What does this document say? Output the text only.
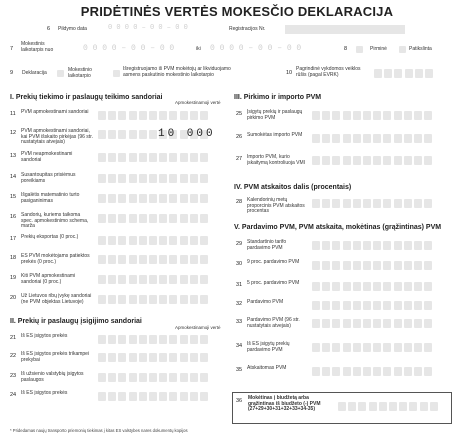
PRIDĖTINĖS VERTĖS MOKESČIO DEKLARACIJA
6 Pildymo data	0 0 0 0 – 0 0 – 0 0	Registracijos Nr.
7
Mokestinis laikotarpis nuo	0 0 0 0 – 0 0 – 0 0	iki 0 0 0 0 – 0 0 – 0 0	8	Pirminė	Patikslinta
9 Deklaracija	Mokestinio laikotarpio
Išregistruojamo iš PVM mokėtojų ar likviduojamo asmens paskutinio mokestinio laikotarpio	10
Pagrindinė vykdomos veiklos rūšis (pagal EVRK)
I. Prekių tiekimo ir paslaugų teikimo sandoriai
Apmokestinamoji vertė
11 PVM apmokestinami sandoriai
12 PVM apmokestinami sandoriai, kai PVM išskaito pirkėjas (96 str. nustatytais atvejais)
10 000
13 PVM neapmokestinami sandoriai
14 Susantoupitas prisiėmus poreikiams
15 Išgalėtis matematinio turto pasiganinimas
16 Sandorių, kuriems taikoma spec. apmokestinimo schema, marža
17 Prekių eksportas (0 proc.)
18 ES PVM mokėtojams patiektos prekės (0 proc.)
19 Kiti PVM apmokestinami sandoriai (0 proc.)
20 Už Lietuvos ribų įvykę sandoriai (ne PVM objektas Lietuvoje)
II. Prekių ir paslaugų įsigijimo sandoriai
Apmokestinamoji vertė
21 Iš ES įsigytos prekės
22 Iš ES įsigytos prekės trikampei prekybai
23 Iš užsienio valstybių įsigytos paslaugos
24 Iš ES įsigytos prekės
III. Pirkimo ir importo PVM
25 Įsigytų prekių ir paslaugų pirkimo PVM
26 Sumokėtas importo PVM
27 Importo PVM, kurio įskaitymą kontroliuoja VMI
IV. PVM atskaitos dalis (procentais)
28 Kalendorinių metų proporcinis PVM atskaitos procentas
V. Pardavimo PVM, PVM atskaita, mokėtinas (grąžintinas) PVM
29 Standartinio tarifo pardavimo PVM
30 9 proc. pardavimo PVM
31 5 proc. pardavimo PVM
32 Pardavimo PVM
33 Pardavimo PVM (96 str. nustatytais atvejais)
34 Iš ES įsigytų prekių pardavimo PVM
35 Atskaitomas PVM
36 Mokėtinas į biudžetą arba grąžintinas iš biudžeto (-) PVM (27+29+30+31+32+33+34-35)
* Pridedamas naujų transporto priemonių tiekimas į kitas ES valstybes nares dokumentų kopijos
